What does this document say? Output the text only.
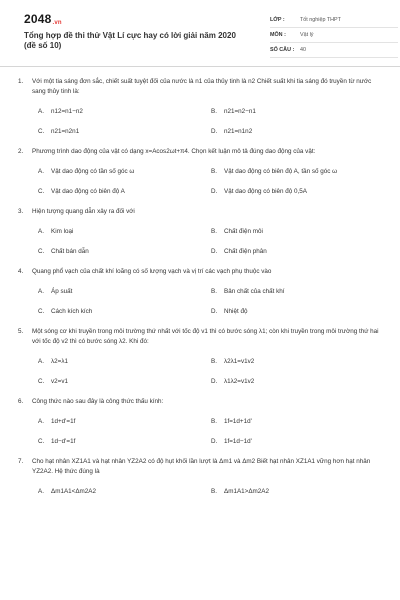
2048.vn
Tổng hợp đề thi thử Vật Lí cực hay có lời giải năm 2020 (đề số 10)
LỚP :	Tốt nghiệp THPT
MÔN :	Vật lý
SỐ CÂU :	40
1.	Với một tia sáng đơn sắc, chiết suất tuyệt đối của nước là n1 của thủy tinh là n2 Chiết suất khi tia sáng đó truyền từ nước sang thủy tinh là:
A.	n12=n1−n2	B.	n21=n2−n1
C.	n21=n2n1	D.	n21=n1n2
2.	Phương trình dao động của vật có dạng x=Acos2ωt+π4. Chọn kết luận mô tả đúng dao động của vật:
A.	Vật dao động có tần số góc ω	B.	Vật dao động có biên độ A, tần số góc ω
C.	Vật dao động có biên độ A	D.	Vật dao động có biên độ 0,5A
3.	Hiện tượng quang dẫn xảy ra đối với
A.	Kim loại	B.	Chất điện môi
C.	Chất bán dẫn	D.	Chất điện phân
4.	Quang phổ vạch của chất khí loãng có số lượng vạch và vị trí các vạch phụ thuộc vào
A.	Áp suất	B.	Bản chất của chất khí
C.	Cách kích kích	D.	Nhiệt độ
5.	Một sóng cơ khi truyền trong môi trường thứ nhất với tốc độ v1 thì có bước sóng λ1; còn khi truyền trong môi trường thứ hai với tốc độ v2 thì có bước sóng λ2. Khi đó:
A.	λ2=λ1	B.	λ2λ1=v1v2
C.	v2=v1	D.	λ1λ2=v1v2
6.	Công thức nào sau đây là công thức thấu kính:
A.	1d+d'=1f	B.	1f=1d+1d'
C.	1d−d'=1f	D.	1f=1d−1d'
7.	Cho hạt nhân XZ1A1 và hạt nhân YZ2A2 có độ hụt khối lần lượt là Δm1 và Δm2 Biết hạt nhân XZ1A1 vững hơn hạt nhân YZ2A2. Hệ thức đúng là
A.	Δm1A1<Δm2A2	B.	Δm1A1>Δm2A2
